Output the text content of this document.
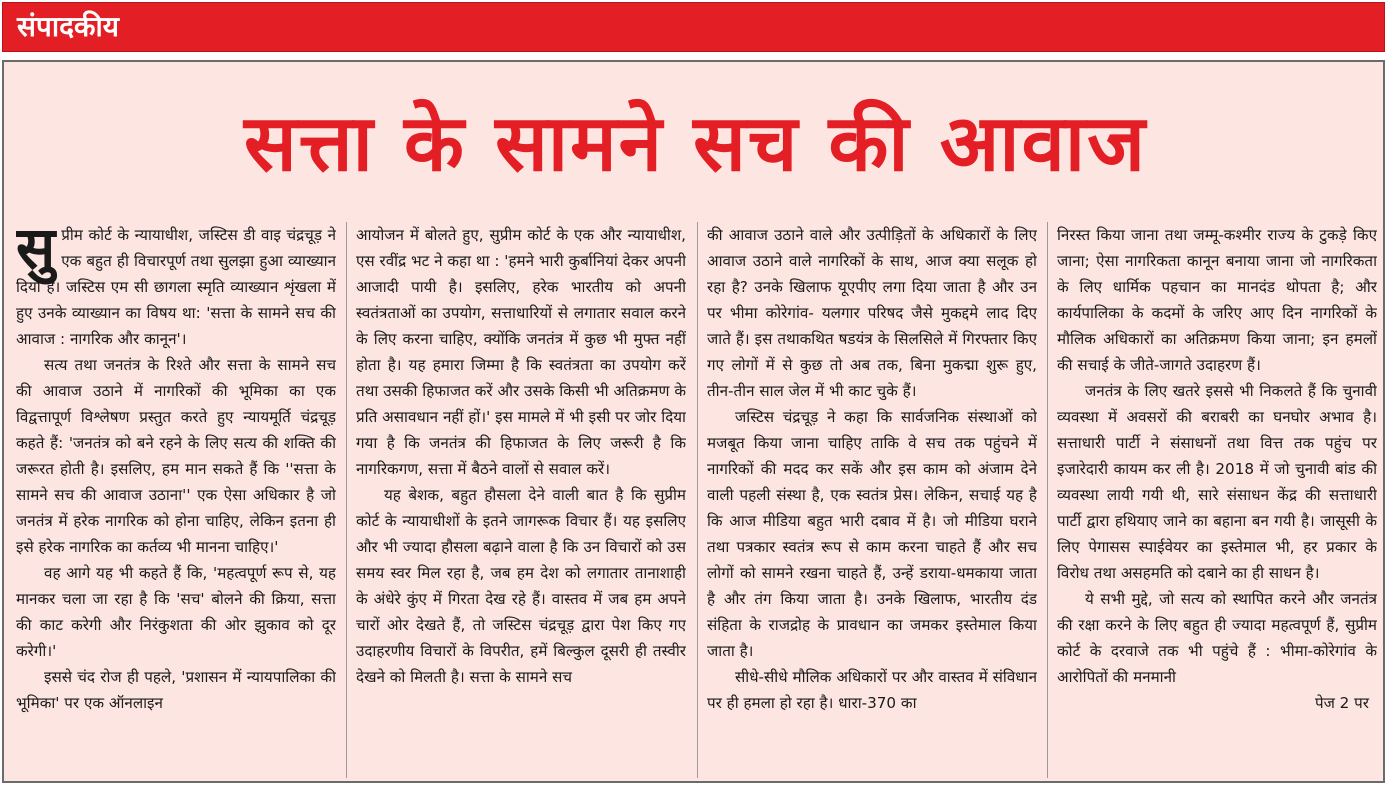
संपादकीय
सत्ता के सामने सच की आवाज

सुप्रीम कोर्ट के न्यायाधीश, जस्टिस डी वाइ चंद्रचूड़ ने एक बहुत ही विचारपूर्ण तथा सुलझा हुआ व्याख्यान दिया है। जस्टिस एम सी छागला स्मृति व्याख्यान शृंखला में हुए उनके व्याख्यान का विषय था: 'सत्ता के सामने सच की आवाज : नागरिक और कानून'।

सत्य तथा जनतंत्र के रिश्ते और सत्ता के सामने सच की आवाज उठाने में नागरिकों की भूमिका का एक विद्वत्तापूर्ण विश्लेषण प्रस्तुत करते हुए न्यायमूर्ति चंद्रचूड़ कहते हैं: 'जनतंत्र को बने रहने के लिए सत्य की शक्ति की जरूरत होती है। इसलिए, हम मान सकते हैं कि ''सत्ता के सामने सच की आवाज उठाना'' एक ऐसा अधिकार है जो जनतंत्र में हरेक नागरिक को होना चाहिए, लेकिन इतना ही इसे हरेक नागरिक का कर्तव्य भी मानना चाहिए।'

वह आगे यह भी कहते हैं कि, 'महत्वपूर्ण रूप से, यह मानकर चला जा रहा है कि 'सच' बोलने की क्रिया, सत्ता की काट करेगी और निरंकुशता की ओर झुकाव को दूर करेगी।'

इससे चंद रोज ही पहले, 'प्रशासन में न्यायपालिका की भूमिका' पर एक ऑनलाइन

आयोजन में बोलते हुए, सुप्रीम कोर्ट के एक और न्यायाधीश, एस रवींद्र भट ने कहा था : 'हमने भारी कुर्बानियां देकर अपनी आजादी पायी है। इसलिए, हरेक भारतीय को अपनी स्वतंत्रताओं का उपयोग, सत्ताधारियों से लगातार सवाल करने के लिए करना चाहिए, क्योंकि जनतंत्र में कुछ भी मुफ्त नहीं होता है। यह हमारा जिम्मा है कि स्वतंत्रता का उपयोग करें तथा उसकी हिफाजत करें और उसके किसी भी अतिक्रमण के प्रति असावधान नहीं हों।' इस मामले में भी इसी पर जोर दिया गया है कि जनतंत्र की हिफाजत के लिए जरूरी है कि नागरिकगण, सत्ता में बैठने वालों से सवाल करें।

यह बेशक, बहुत हौसला देने वाली बात है कि सुप्रीम कोर्ट के न्यायाधीशों के इतने जागरूक विचार हैं। यह इसलिए और भी ज्यादा हौसला बढ़ाने वाला है कि उन विचारों को उस समय स्वर मिल रहा है, जब हम देश को लगातार तानाशाही के अंधेरे कुंए में गिरता देख रहे हैं। वास्तव में जब हम अपने चारों ओर देखते हैं, तो जस्टिस चंद्रचूड़ द्वारा पेश किए गए उदाहरणीय विचारों के विपरीत, हमें बिल्कुल दूसरी ही तस्वीर देखने को मिलती है। सत्ता के सामने सच

की आवाज उठाने वाले और उत्पीड़ितों के अधिकारों के लिए आवाज उठाने वाले नागरिकों के साथ, आज क्या सलूक हो रहा है? उनके खिलाफ यूएपीए लगा दिया जाता है और उन पर भीमा कोरेगांव- यलगार परिषद जैसे मुकद्दमे लाद दिए जाते हैं। इस तथाकथित षडयंत्र के सिलसिले में गिरफ्तार किए गए लोगों में से कुछ तो अब तक, बिना मुकद्मा शुरू हुए, तीन-तीन साल जेल में भी काट चुके हैं।

जस्टिस चंद्रचूड़ ने कहा कि सार्वजनिक संस्थाओं को मजबूत किया जाना चाहिए ताकि वे सच तक पहुंचने में नागरिकों की मदद कर सकें और इस काम को अंजाम देने वाली पहली संस्था है, एक स्वतंत्र प्रेस। लेकिन, सचाई यह है कि आज मीडिया बहुत भारी दबाव में है। जो मीडिया घराने तथा पत्रकार स्वतंत्र रूप से काम करना चाहते हैं और सच लोगों को सामने रखना चाहते हैं, उन्हें डराया-धमकाया जाता है और तंग किया जाता है। उनके खिलाफ, भारतीय दंड संहिता के राजद्रोह के प्रावधान का जमकर इस्तेमाल किया जाता है।

सीधे-सीधे मौलिक अधिकारों पर और वास्तव में संविधान पर ही हमला हो रहा है। धारा-370 का

निरस्त किया जाना तथा जम्मू-कश्मीर राज्य के टुकड़े किए जाना; ऐसा नागरिकता कानून बनाया जाना जो नागरिकता के लिए धार्मिक पहचान का मानदंड थोपता है; और कार्यपालिका के कदमों के जरिए आए दिन नागरिकों के मौलिक अधिकारों का अतिक्रमण किया जाना; इन हमलों की सचाई के जीते-जागते उदाहरण हैं।

जनतंत्र के लिए खतरे इससे भी निकलते हैं कि चुनावी व्यवस्था में अवसरों की बराबरी का घनघोर अभाव है। सत्ताधारी पार्टी ने संसाधनों तथा वित्त तक पहुंच पर इजारेदारी कायम कर ली है। 2018 में जो चुनावी बांड की व्यवस्था लायी गयी थी, सारे संसाधन केंद्र की सत्ताधारी पार्टी द्वारा हथियाए जाने का बहाना बन गयी है। जासूसी के लिए पेगासस स्पाईवेयर का इस्तेमाल भी, हर प्रकार के विरोध तथा असहमति को दबाने का ही साधन है।

ये सभी मुद्दे, जो सत्य को स्थापित करने और जनतंत्र की रक्षा करने के लिए बहुत ही ज्यादा महत्वपूर्ण हैं, सुप्रीम कोर्ट के दरवाजे तक भी पहुंचे हैं : भीमा-कोरेगांव के आरोपितों की मनमानी

पेज 2 पर
